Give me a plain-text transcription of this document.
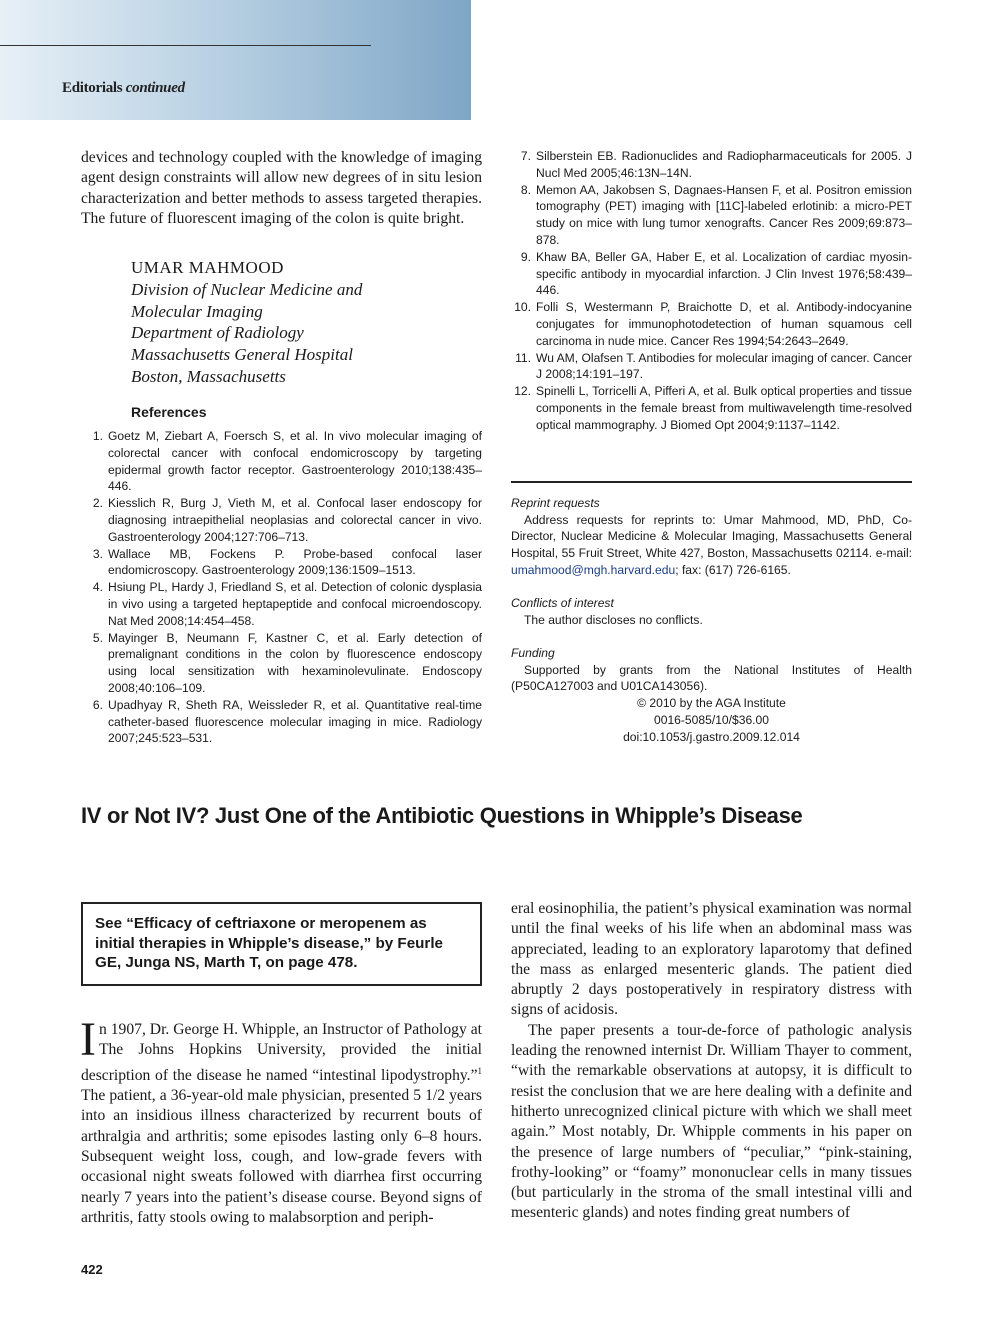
Editorials continued

devices and technology coupled with the knowledge of imaging agent design constraints will allow new degrees of in situ lesion characterization and better methods to assess targeted therapies. The future of fluorescent imaging of the colon is quite bright.

UMAR MAHMOOD
Division of Nuclear Medicine and
Molecular Imaging
Department of Radiology
Massachusetts General Hospital
Boston, Massachusetts
References
1. Goetz M, Ziebart A, Foersch S, et al. In vivo molecular imaging of colorectal cancer with confocal endomicroscopy by targeting epidermal growth factor receptor. Gastroenterology 2010;138:435–446.
2. Kiesslich R, Burg J, Vieth M, et al. Confocal laser endoscopy for diagnosing intraepithelial neoplasias and colorectal cancer in vivo. Gastroenterology 2004;127:706–713.
3. Wallace MB, Fockens P. Probe-based confocal laser endomicroscopy. Gastroenterology 2009;136:1509–1513.
4. Hsiung PL, Hardy J, Friedland S, et al. Detection of colonic dysplasia in vivo using a targeted heptapeptide and confocal microendoscopy. Nat Med 2008;14:454–458.
5. Mayinger B, Neumann F, Kastner C, et al. Early detection of premalignant conditions in the colon by fluorescence endoscopy using local sensitization with hexaminolevulinate. Endoscopy 2008;40:106–109.
6. Upadhyay R, Sheth RA, Weissleder R, et al. Quantitative real-time catheter-based fluorescence molecular imaging in mice. Radiology 2007;245:523–531.
7. Silberstein EB. Radionuclides and Radiopharmaceuticals for 2005. J Nucl Med 2005;46:13N–14N.
8. Memon AA, Jakobsen S, Dagnaes-Hansen F, et al. Positron emission tomography (PET) imaging with [11C]-labeled erlotinib: a micro-PET study on mice with lung tumor xenografts. Cancer Res 2009;69:873–878.
9. Khaw BA, Beller GA, Haber E, et al. Localization of cardiac myosin-specific antibody in myocardial infarction. J Clin Invest 1976;58:439–446.
10. Folli S, Westermann P, Braichotte D, et al. Antibody-indocyanine conjugates for immunophotodetection of human squamous cell carcinoma in nude mice. Cancer Res 1994;54:2643–2649.
11. Wu AM, Olafsen T. Antibodies for molecular imaging of cancer. Cancer J 2008;14:191–197.
12. Spinelli L, Torricelli A, Pifferi A, et al. Bulk optical properties and tissue components in the female breast from multiwavelength time-resolved optical mammography. J Biomed Opt 2004;9:1137–1142.
Reprint requests
Address requests for reprints to: Umar Mahmood, MD, PhD, Co-Director, Nuclear Medicine & Molecular Imaging, Massachusetts General Hospital, 55 Fruit Street, White 427, Boston, Massachusetts 02114. e-mail: umahmood@mgh.harvard.edu; fax: (617) 726-6165.
Conflicts of interest
The author discloses no conflicts.
Funding
Supported by grants from the National Institutes of Health (P50CA127003 and U01CA143056).
© 2010 by the AGA Institute
0016-5085/10/$36.00
doi:10.1053/j.gastro.2009.12.014
IV or Not IV? Just One of the Antibiotic Questions in Whipple’s Disease
See “Efficacy of ceftriaxone or meropenem as initial therapies in Whipple’s disease,” by Feurle GE, Junga NS, Marth T, on page 478.

In 1907, Dr. George H. Whipple, an Instructor of Pathology at The Johns Hopkins University, provided the initial description of the disease he named “intestinal lipodystrophy.”$^1$ The patient, a 36-year-old male physician, presented 5 1/2 years into an insidious illness characterized by recurrent bouts of arthralgia and arthritis; some episodes lasting only 6–8 hours. Subsequent weight loss, cough, and low-grade fevers with occasional night sweats followed with diarrhea first occurring nearly 7 years into the patient’s disease course. Beyond signs of arthritis, fatty stools owing to malabsorption and periph-

eral eosinophilia, the patient’s physical examination was normal until the final weeks of his life when an abdominal mass was appreciated, leading to an exploratory laparotomy that defined the mass as enlarged mesenteric glands. The patient died abruptly 2 days postoperatively in respiratory distress with signs of acidosis.

The paper presents a tour-de-force of pathologic analysis leading the renowned internist Dr. William Thayer to comment, “with the remarkable observations at autopsy, it is difficult to resist the conclusion that we are here dealing with a definite and hitherto unrecognized clinical picture with which we shall meet again.” Most notably, Dr. Whipple comments in his paper on the presence of large numbers of “peculiar,” “pink-staining, frothy-looking” or “foamy” mononuclear cells in many tissues (but particularly in the stroma of the small intestinal villi and mesenteric glands) and notes finding great numbers of

422
